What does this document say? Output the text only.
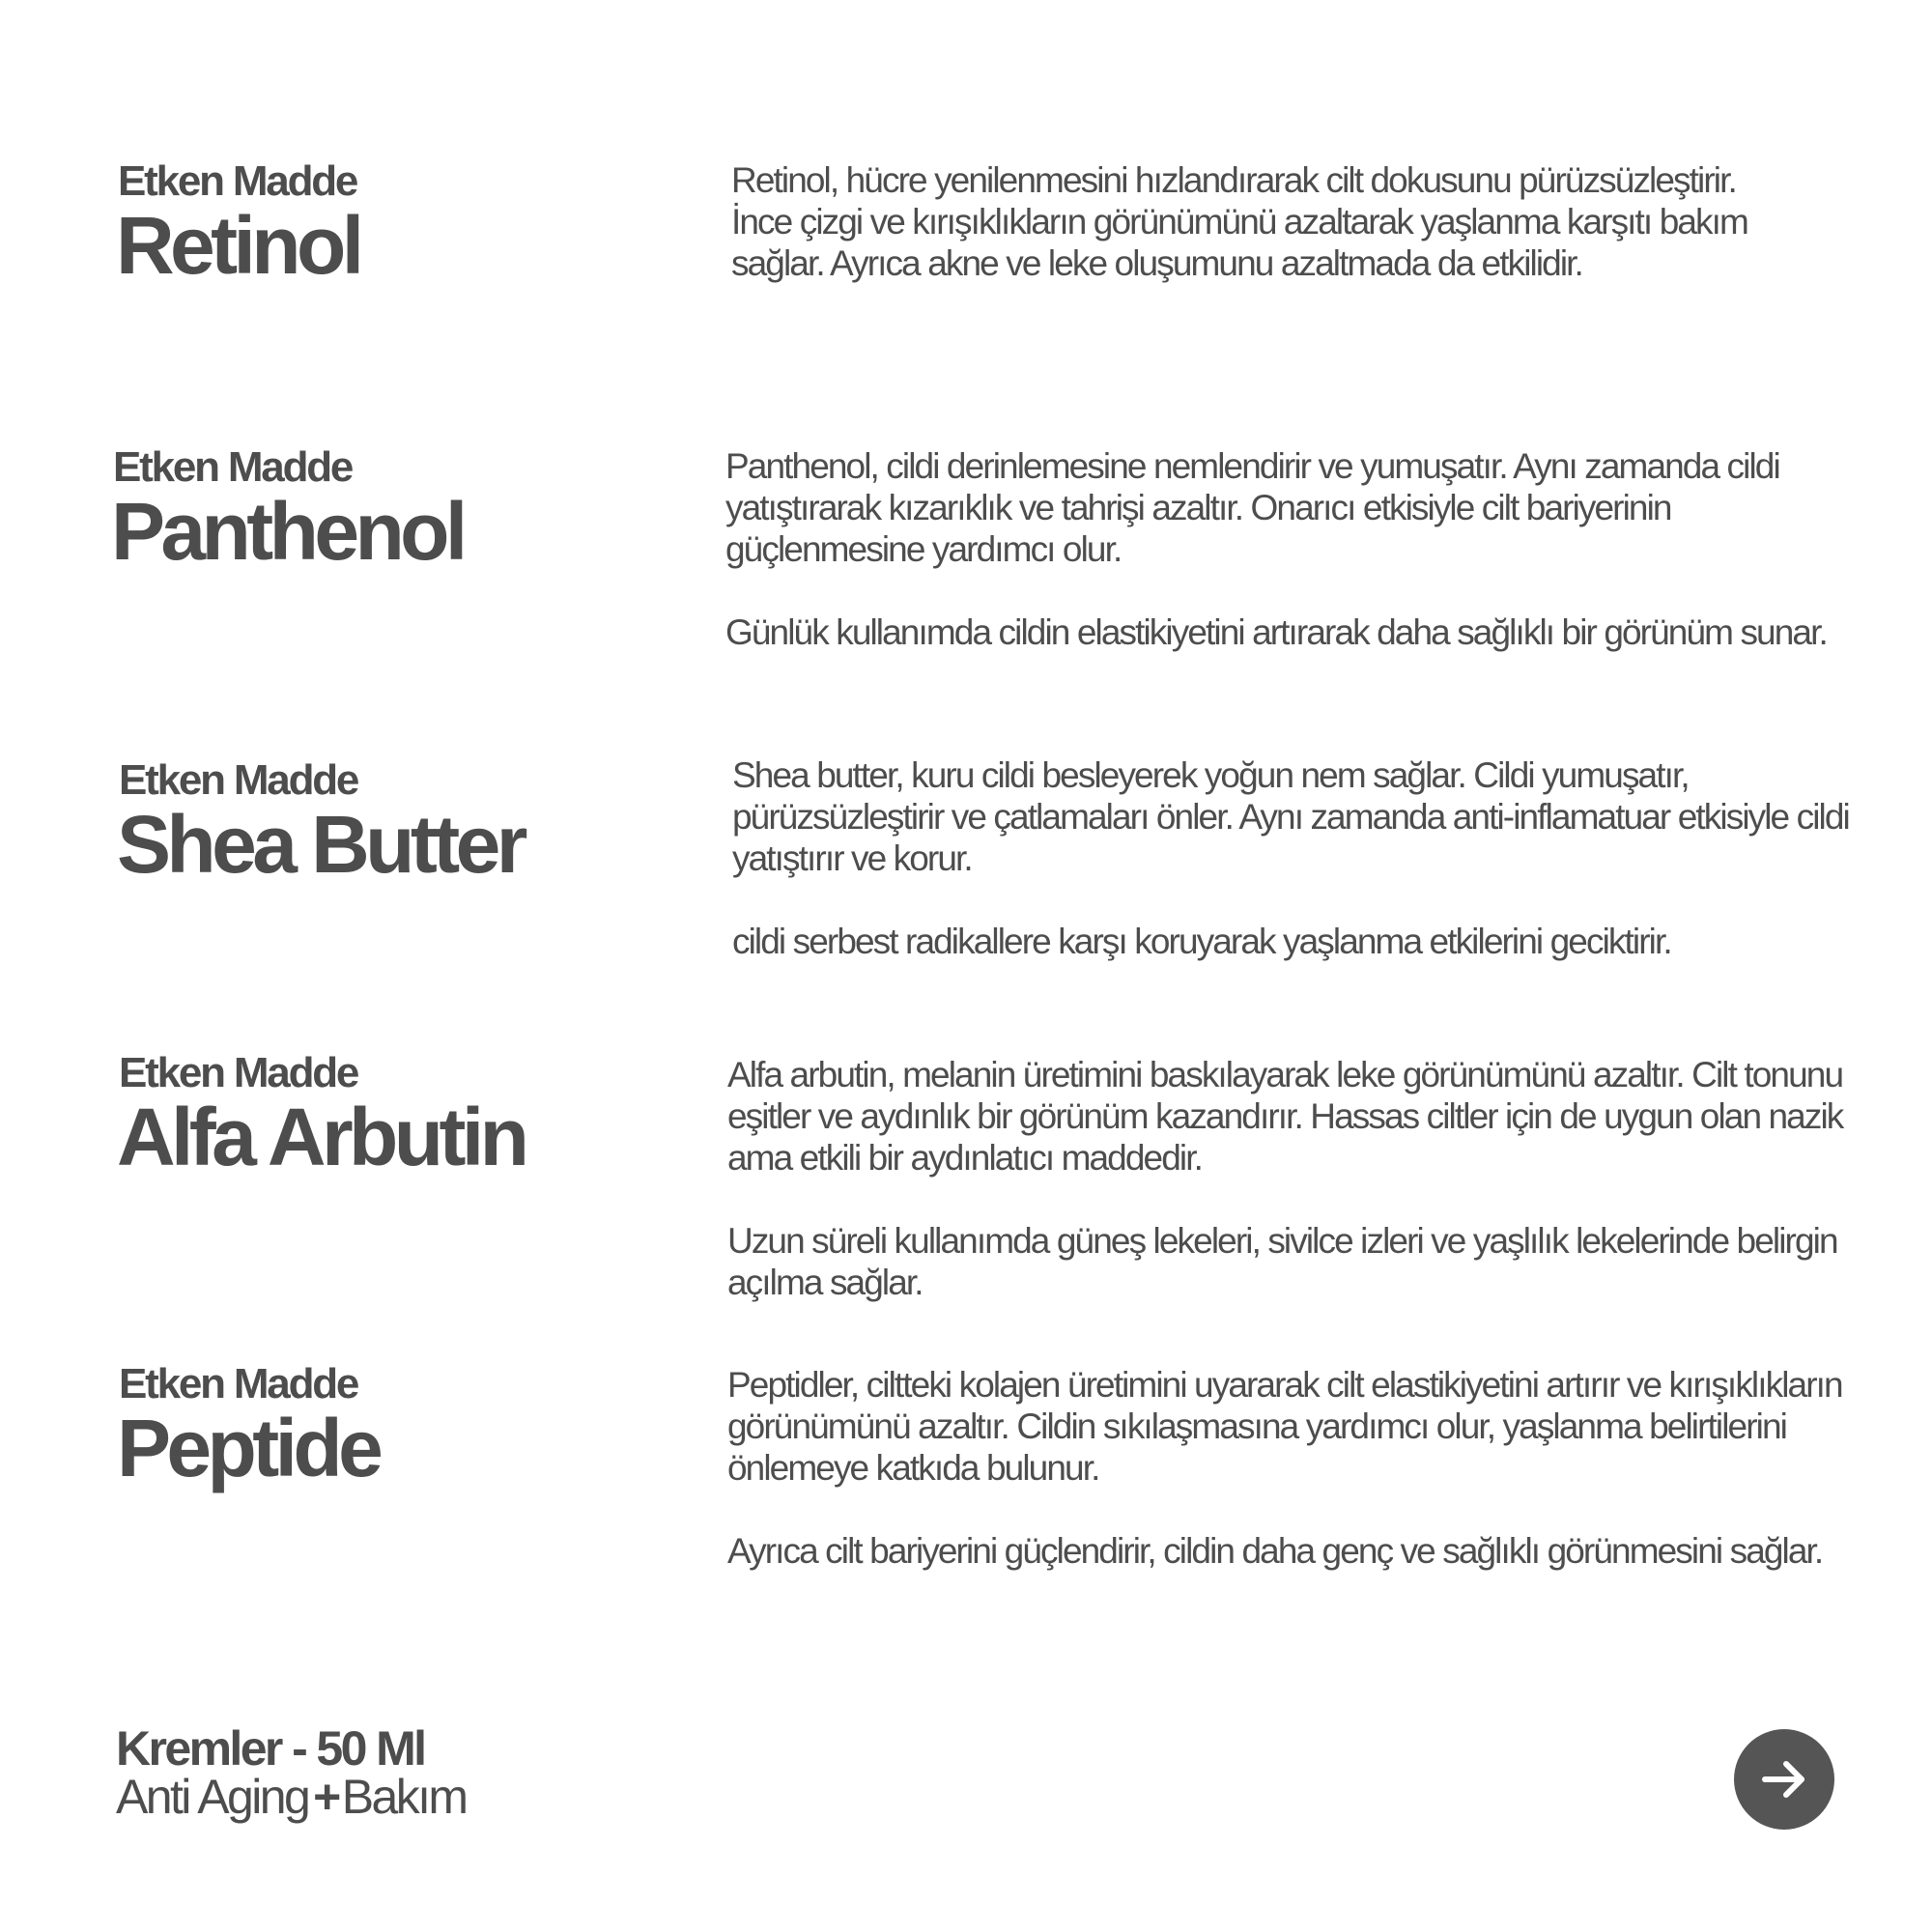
Etken Madde
Retinol

Retinol, hücre yenilenmesini hızlandırarak cilt dokusunu pürüzsüzleştirir. İnce çizgi ve kırışıklıkların görünümünü azaltarak yaşlanma karşıtı bakım sağlar. Ayrıca akne ve leke oluşumunu azaltmada da etkilidir.

Etken Madde
Panthenol

Panthenol, cildi derinlemesine nemlendirir ve yumuşatır. Aynı zamanda cildi yatıştırarak kızarıklık ve tahrişi azaltır. Onarıcı etkisiyle cilt bariyerinin güçlenmesine yardımcı olur.

Günlük kullanımda cildin elastikiyetini artırarak daha sağlıklı bir görünüm sunar.

Etken Madde
Shea Butter

Shea butter, kuru cildi besleyerek yoğun nem sağlar. Cildi yumuşatır, pürüzsüzleştirir ve çatlamaları önler. Aynı zamanda anti-inflamatuar etkisiyle cildi yatıştırır ve korur.

cildi serbest radikallere karşı koruyarak yaşlanma etkilerini geciktirir.

Etken Madde
Alfa Arbutin

Alfa arbutin, melanin üretimini baskılayarak leke görünümünü azaltır. Cilt tonunu eşitler ve aydınlık bir görünüm kazandırır. Hassas ciltler için de uygun olan nazik ama etkili bir aydınlatıcı maddedir.

Uzun süreli kullanımda güneş lekeleri, sivilce izleri ve yaşlılık lekelerinde belirgin açılma sağlar.

Etken Madde
Peptide

Peptidler, ciltteki kolajen üretimini uyararak cilt elastikiyetini artırır ve kırışıklıkların görünümünü azaltır. Cildin sıkılaşmasına yardımcı olur, yaşlanma belirtilerini önlemeye katkıda bulunur.

Ayrıca cilt bariyerini güçlendirir, cildin daha genç ve sağlıklı görünmesini sağlar.

Kremler - 50 Ml
Anti Aging+Bakım
